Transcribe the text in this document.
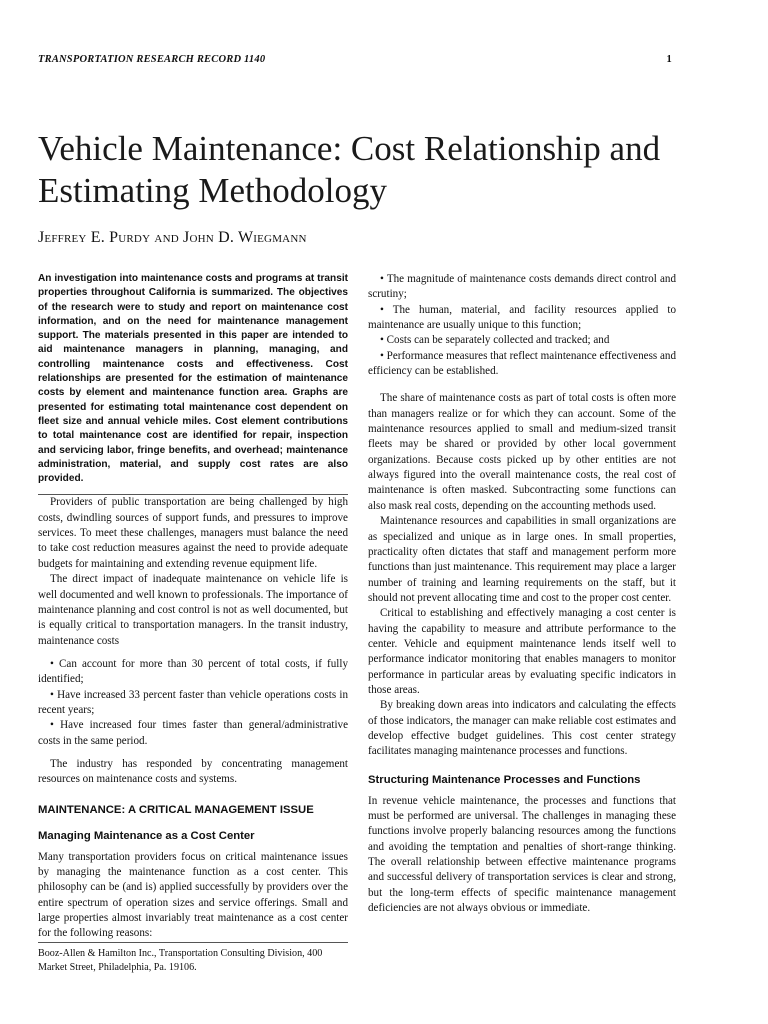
TRANSPORTATION RESEARCH RECORD 1140	1
Vehicle Maintenance: Cost Relationship and Estimating Methodology
Jeffrey E. Purdy and John D. Wiegmann

An investigation into maintenance costs and programs at transit properties throughout California is summarized. The objectives of the research were to study and report on maintenance cost information, and on the need for maintenance management support. The materials presented in this paper are intended to aid maintenance managers in planning, managing, and controlling maintenance costs and effectiveness. Cost relationships are presented for the estimation of maintenance costs by element and maintenance function area. Graphs are presented for estimating total maintenance cost dependent on fleet size and annual vehicle miles. Cost element contributions to total maintenance cost are identified for repair, inspection and servicing labor, fringe benefits, and overhead; maintenance administration, material, and supply cost rates are also provided.

Providers of public transportation are being challenged by high costs, dwindling sources of support funds, and pressures to improve services. To meet these challenges, managers must balance the need to take cost reduction measures against the need to provide adequate budgets for maintaining and extending revenue equipment life.

The direct impact of inadequate maintenance on vehicle life is well documented and well known to professionals. The importance of maintenance planning and cost control is not as well documented, but is equally critical to transportation managers. In the transit industry, maintenance costs

• Can account for more than 30 percent of total costs, if fully identified;

• Have increased 33 percent faster than vehicle operations costs in recent years;

• Have increased four times faster than general/administrative costs in the same period.

The industry has responded by concentrating management resources on maintenance costs and systems.

MAINTENANCE: A CRITICAL MANAGEMENT ISSUE
Managing Maintenance as a Cost Center

Many transportation providers focus on critical maintenance issues by managing the maintenance function as a cost center. This philosophy can be (and is) applied successfully by providers over the entire spectrum of operation sizes and service offerings. Small and large properties almost invariably treat maintenance as a cost center for the following reasons:

Booz-Allen & Hamilton Inc., Transportation Consulting Division, 400 Market Street, Philadelphia, Pa. 19106.

• The magnitude of maintenance costs demands direct control and scrutiny;

• The human, material, and facility resources applied to maintenance are usually unique to this function;

• Costs can be separately collected and tracked; and

• Performance measures that reflect maintenance effectiveness and efficiency can be established.

The share of maintenance costs as part of total costs is often more than managers realize or for which they can account. Some of the maintenance resources applied to small and medium-sized transit fleets may be shared or provided by other local government organizations. Because costs picked up by other entities are not always figured into the overall maintenance costs, the real cost of maintenance is often masked. Subcontracting some functions can also mask real costs, depending on the accounting methods used.

Maintenance resources and capabilities in small organizations are as specialized and unique as in large ones. In small properties, practicality often dictates that staff and management perform more functions than just maintenance. This requirement may place a larger number of training and learning requirements on the staff, but it should not prevent allocating time and cost to the proper cost center.

Critical to establishing and effectively managing a cost center is having the capability to measure and attribute performance to the center. Vehicle and equipment maintenance lends itself well to performance indicator monitoring that enables managers to monitor performance in particular areas by evaluating specific indicators in those areas.

By breaking down areas into indicators and calculating the effects of those indicators, the manager can make reliable cost estimates and develop effective budget guidelines. This cost center strategy facilitates managing maintenance processes and functions.

Structuring Maintenance Processes and Functions

In revenue vehicle maintenance, the processes and functions that must be performed are universal. The challenges in managing these functions involve properly balancing resources among the functions and avoiding the temptation and penalties of short-range thinking. The overall relationship between effective maintenance programs and successful delivery of transportation services is clear and strong, but the long-term effects of specific maintenance management deficiencies are not always obvious or immediate.
